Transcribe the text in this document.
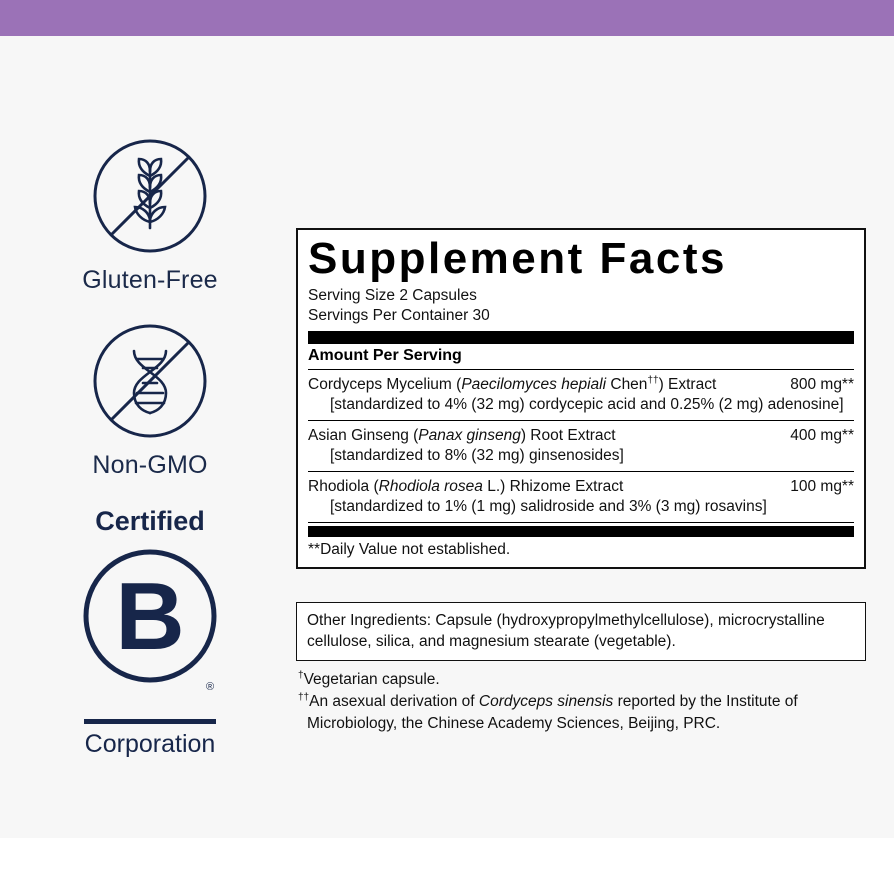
Gluten-Free
Non-GMO
Certified
B
®
Corporation
Supplement Facts
Serving Size 2 Capsules
Servings Per Container 30
Amount Per Serving
Cordyceps Mycelium (Paecilomyces hepiali Chen††) Extract	800 mg**
[standardized to 4% (32 mg) cordycepic acid and 0.25% (2 mg) adenosine]
Asian Ginseng (Panax ginseng) Root Extract	400 mg**
[standardized to 8% (32 mg) ginsenosides]
Rhodiola (Rhodiola rosea L.) Rhizome Extract	100 mg**
[standardized to 1% (1 mg) salidroside and 3% (3 mg) rosavins]
**Daily Value not established.
Other Ingredients: Capsule (hydroxypropylmethylcellulose), microcrystalline cellulose, silica, and magnesium stearate (vegetable).
†Vegetarian capsule.
††An asexual derivation of Cordyceps sinensis reported by the Institute of
Microbiology, the Chinese Academy Sciences, Beijing, PRC.
